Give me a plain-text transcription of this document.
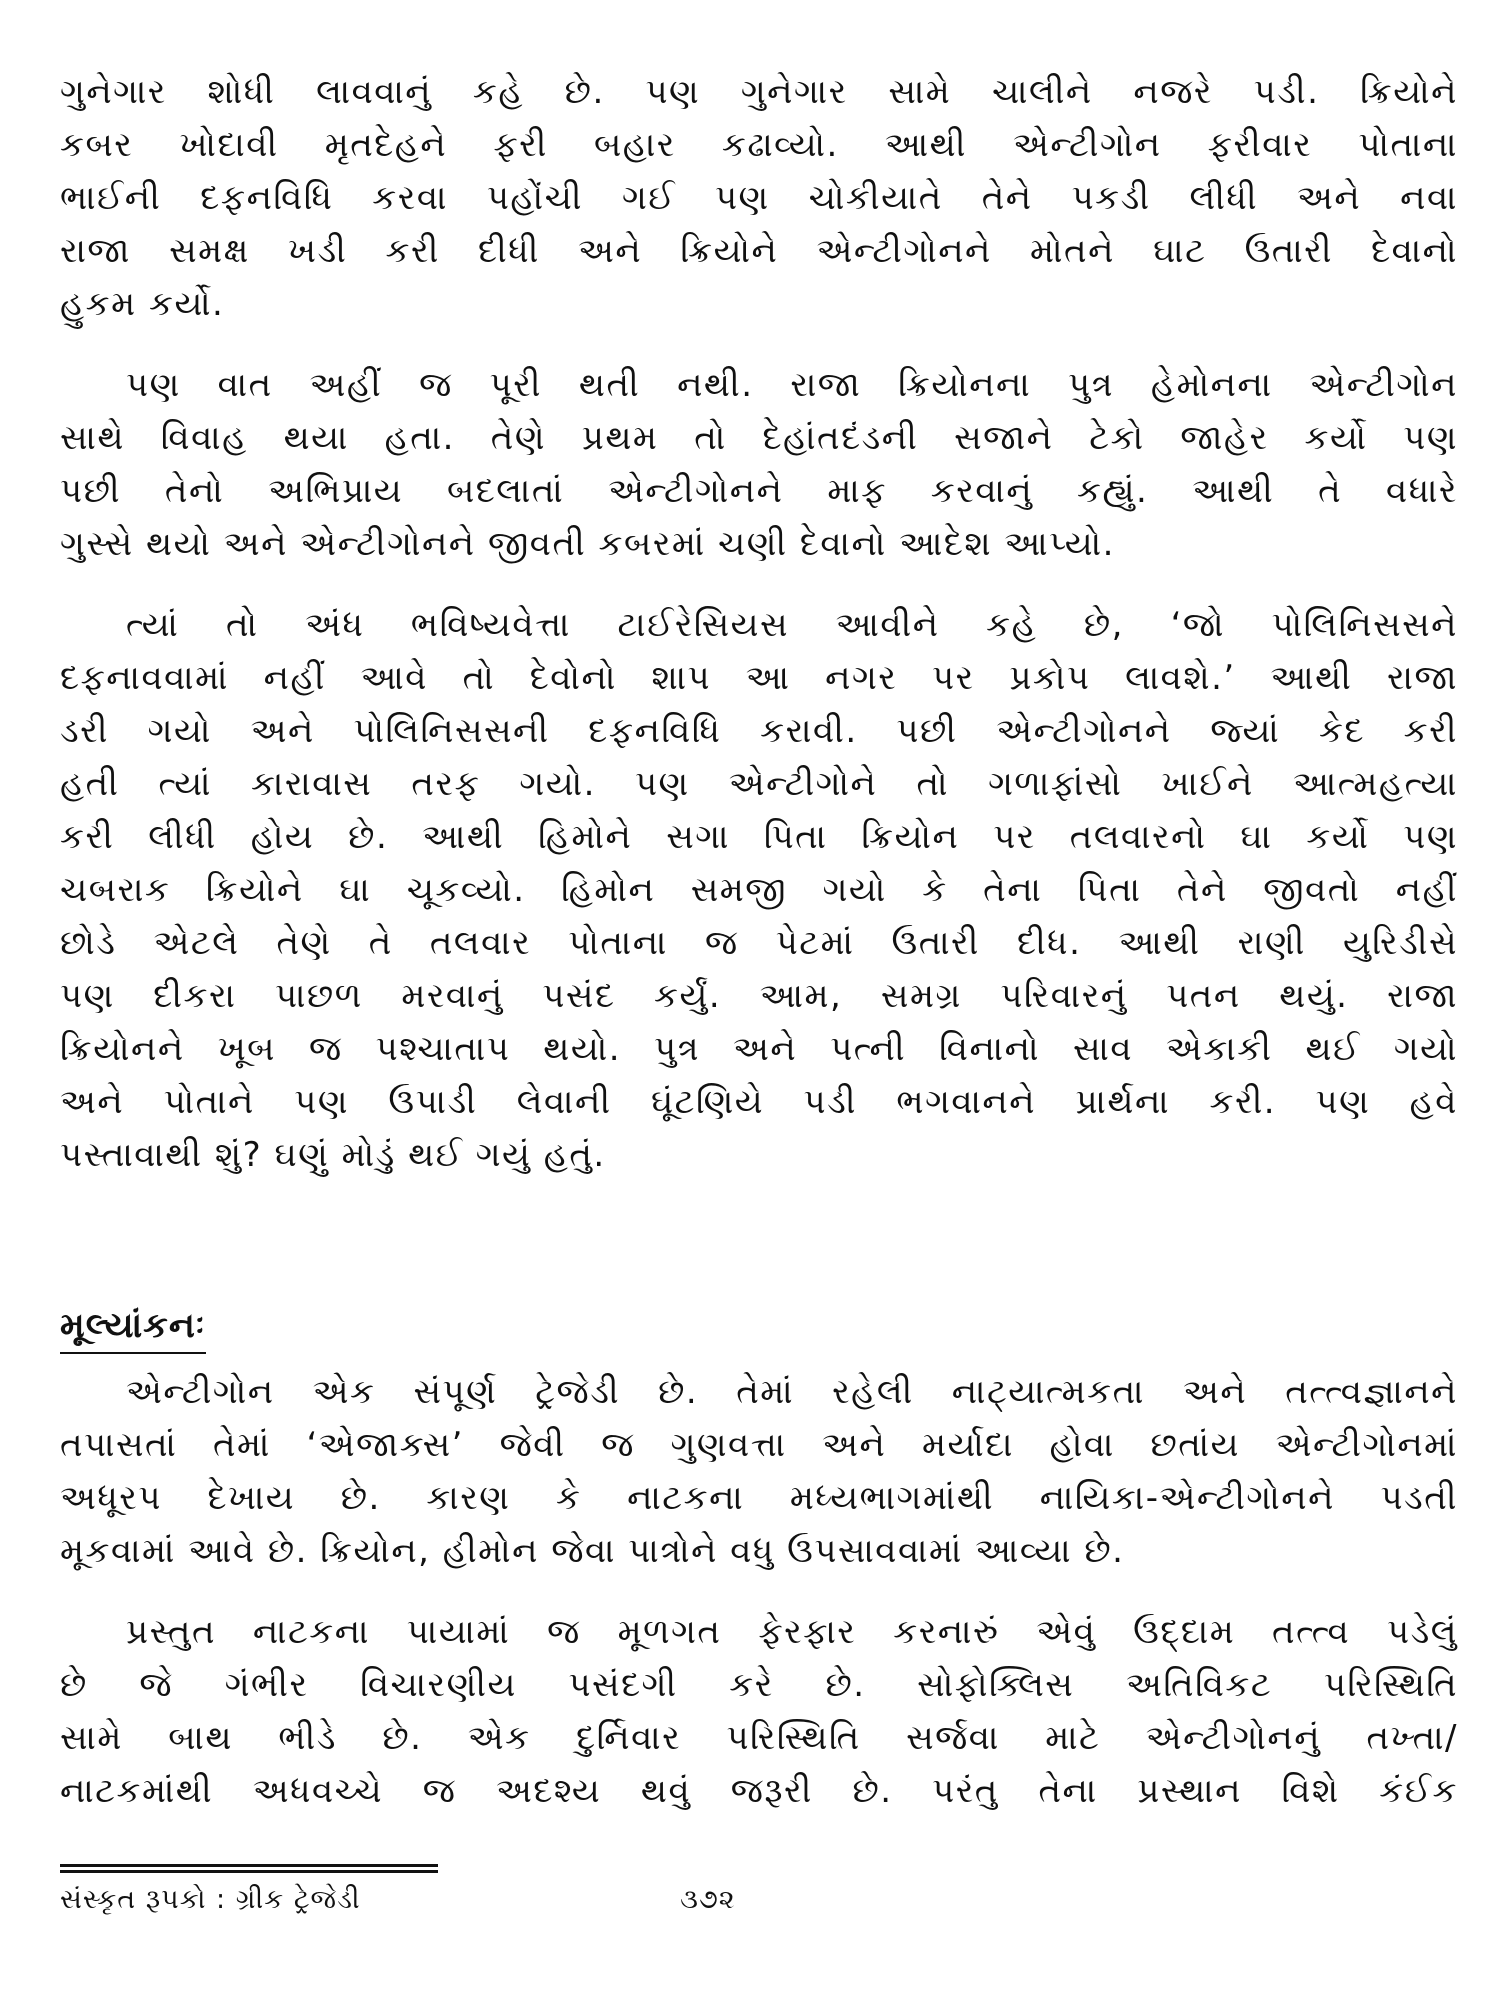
ગુનેગાર શોધી લાવવાનું કહે છે. પણ ગુનેગાર સામે ચાલીને નજરે પડી. ક્રિયોને
કબર ખોદાવી મૃતદેહને ફરી બહાર કઢાવ્યો. આથી એન્ટીગોન ફરીવાર પોતાના
ભાઈની દફનવિધિ કરવા પહોંચી ગઈ પણ ચોકીયાતે તેને પકડી લીધી અને નવા
રાજા સમક્ષ ખડી કરી દીધી અને ક્રિયોને એન્ટીગોનને મોતને ઘાટ ઉતારી દેવાનો
હુકમ કર્યો.
પણ વાત અહીં જ પૂરી થતી નથી. રાજા ક્રિયોનના પુત્ર હેમોનના એન્ટીગોન
સાથે વિવાહ થયા હતા. તેણે પ્રથમ તો દેહાંતદંડની સજાને ટેકો જાહેર કર્યો પણ
પછી તેનો અભિપ્રાય બદલાતાં એન્ટીગોનને માફ કરવાનું કહ્યું. આથી તે વધારે
ગુસ્સે થયો અને એન્ટીગોનને જીવતી કબરમાં ચણી દેવાનો આદેશ આપ્યો.
ત્યાં તો અંધ ભવિષ્યવેત્તા ટાઈરેસિયસ આવીને કહે છે, ‘જો પોલિનિસસને
દફનાવવામાં નહીં આવે તો દેવોનો શાપ આ નગર પર પ્રકોપ લાવશે.’ આથી રાજા
ડરી ગયો અને પોલિનિસસની દફનવિધિ કરાવી. પછી એન્ટીગોનને જ્યાં કેદ કરી
હતી ત્યાં કારાવાસ તરફ ગયો. પણ એન્ટીગોને તો ગળાફાંસો ખાઈને આત્મહત્યા
કરી લીધી હોય છે. આથી હિમોને સગા પિતા ક્રિયોન પર તલવારનો ઘા કર્યો પણ
ચબરાક ક્રિયોને ઘા ચૂકવ્યો. હિમોન સમજી ગયો કે તેના પિતા તેને જીવતો નહીં
છોડે એટલે તેણે તે તલવાર પોતાના જ પેટમાં ઉતારી દીધ. આથી રાણી યુરિડીસે
પણ દીકરા પાછળ મરવાનું પસંદ કર્યું. આમ, સમગ્ર પરિવારનું પતન થયું. રાજા
ક્રિયોનને ખૂબ જ પશ્ચાતાપ થયો. પુત્ર અને પત્ની વિનાનો સાવ એકાકી થઈ ગયો
અને પોતાને પણ ઉપાડી લેવાની ઘૂંટણિયે પડી ભગવાનને પ્રાર્થના કરી. પણ હવે
પસ્તાવાથી શું? ઘણું મોડું થઈ ગયું હતું.
મૂલ્યાંકનઃ
એન્ટીગોન એક સંપૂર્ણ ટ્રેજેડી છે. તેમાં રહેલી નાટ્યાત્મકતા અને તત્ત્વજ્ઞાનને
તપાસતાં તેમાં ‘એજાક્સ’ જેવી જ ગુણવત્તા અને મર્યાદા હોવા છતાંય એન્ટીગોનમાં
અધૂરપ દેખાય છે. કારણ કે નાટકના મધ્યભાગમાંથી નાયિકા-એન્ટીગોનને પડતી
મૂકવામાં આવે છે. ક્રિયોન, હીમોન જેવા પાત્રોને વધુ ઉપસાવવામાં આવ્યા છે.
પ્રસ્તુત નાટકના પાયામાં જ મૂળગત ફેરફાર કરનારું એવું ઉદ્દામ તત્ત્વ પડેલું
છે જે ગંભીર વિચારણીય પસંદગી કરે છે. સોફોક્લિસ અતિવિકટ પરિસ્થિતિ
સામે બાથ ભીડે છે. એક દુર્નિવાર પરિસ્થિતિ સર્જવા માટે એન્ટીગોનનું તખ્તા/
નાટકમાંથી અધવચ્ચે જ અદશ્ય થવું જરૂરી છે. પરંતુ તેના પ્રસ્થાન વિશે કંઈક
સંસ્કૃત રૂપકો : ગ્રીક ટ્રેજેડી	૩૭૨
